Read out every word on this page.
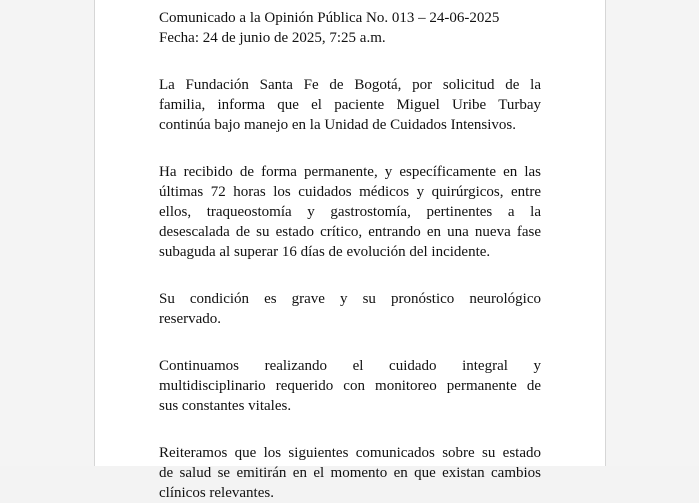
Comunicado a la Opinión Pública No. 013 – 24-06-2025

Fecha: 24 de junio de 2025, 7:25 a.m.

La Fundación Santa Fe de Bogotá, por solicitud de la
familia, informa que el paciente Miguel Uribe Turbay
continúa bajo manejo en la Unidad de Cuidados Intensivos.
Ha recibido de forma permanente, y específicamente en las
últimas 72 horas los cuidados médicos y quirúrgicos, entre
ellos, traqueostomía y gastrostomía, pertinentes a la
desescalada de su estado crítico, entrando en una nueva fase
subaguda al superar 16 días de evolución del incidente.
Su condición es grave y su pronóstico neurológico
reservado.
Continuamos realizando el cuidado integral y
multidisciplinario requerido con monitoreo permanente de
sus constantes vitales.
Reiteramos que los siguientes comunicados sobre su estado
de salud se emitirán en el momento en que existan cambios
clínicos relevantes.
